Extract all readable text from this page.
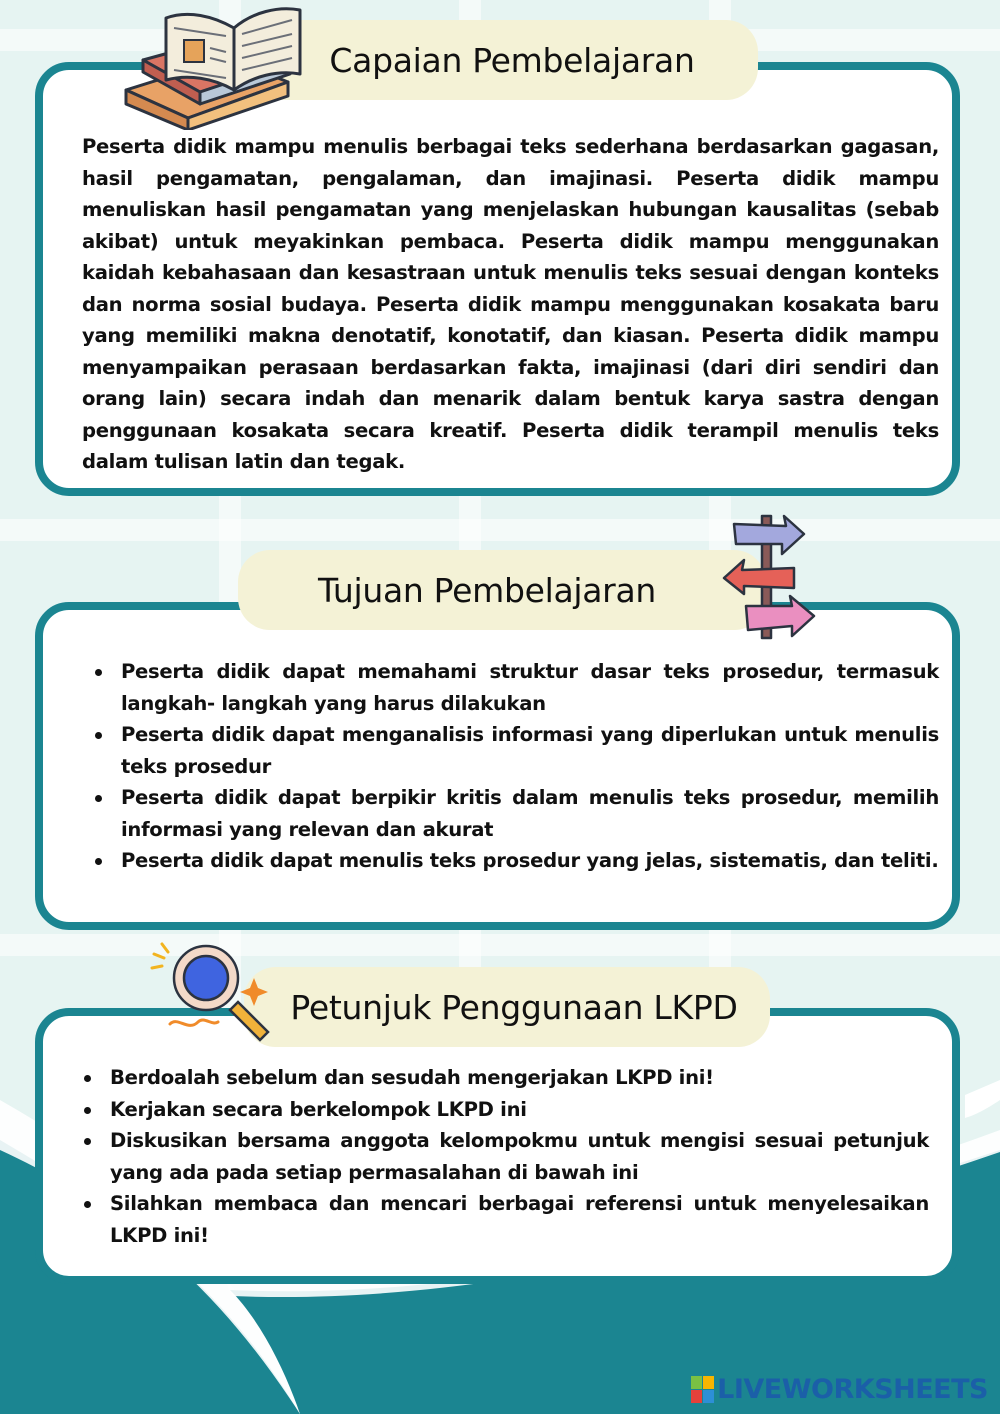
Capaian Pembelajaran

Peserta didik mampu menulis berbagai teks sederhana berdasarkan gagasan, hasil pengamatan, pengalaman, dan imajinasi. Peserta didik mampu menuliskan hasil pengamatan yang menjelaskan hubungan kausalitas (sebab akibat) untuk meyakinkan pembaca. Peserta didik mampu menggunakan kaidah kebahasaan dan kesastraan untuk menulis teks sesuai dengan konteks dan norma sosial budaya. Peserta didik mampu menggunakan kosakata baru yang memiliki makna denotatif, konotatif, dan kiasan. Peserta didik mampu menyampaikan perasaan berdasarkan fakta, imajinasi (dari diri sendiri dan orang lain) secara indah dan menarik dalam bentuk karya sastra dengan penggunaan kosakata secara kreatif. Peserta didik terampil menulis teks dalam tulisan latin dan tegak.

Tujuan Pembelajaran
Peserta didik dapat memahami struktur dasar teks prosedur, termasuk langkah- langkah yang harus dilakukan
Peserta didik dapat menganalisis informasi yang diperlukan untuk menulis teks prosedur
Peserta didik dapat berpikir kritis dalam menulis teks prosedur, memilih informasi yang relevan dan akurat
Peserta didik dapat menulis teks prosedur yang jelas, sistematis, dan teliti.
Petunjuk Penggunaan LKPD
Berdoalah sebelum dan sesudah mengerjakan LKPD ini!
Kerjakan secara berkelompok LKPD ini
Diskusikan bersama anggota kelompokmu untuk mengisi sesuai petunjuk yang ada pada setiap permasalahan di bawah ini
Silahkan membaca dan mencari berbagai referensi untuk menyelesaikan LKPD ini!
LIVEWORKSHEETS
